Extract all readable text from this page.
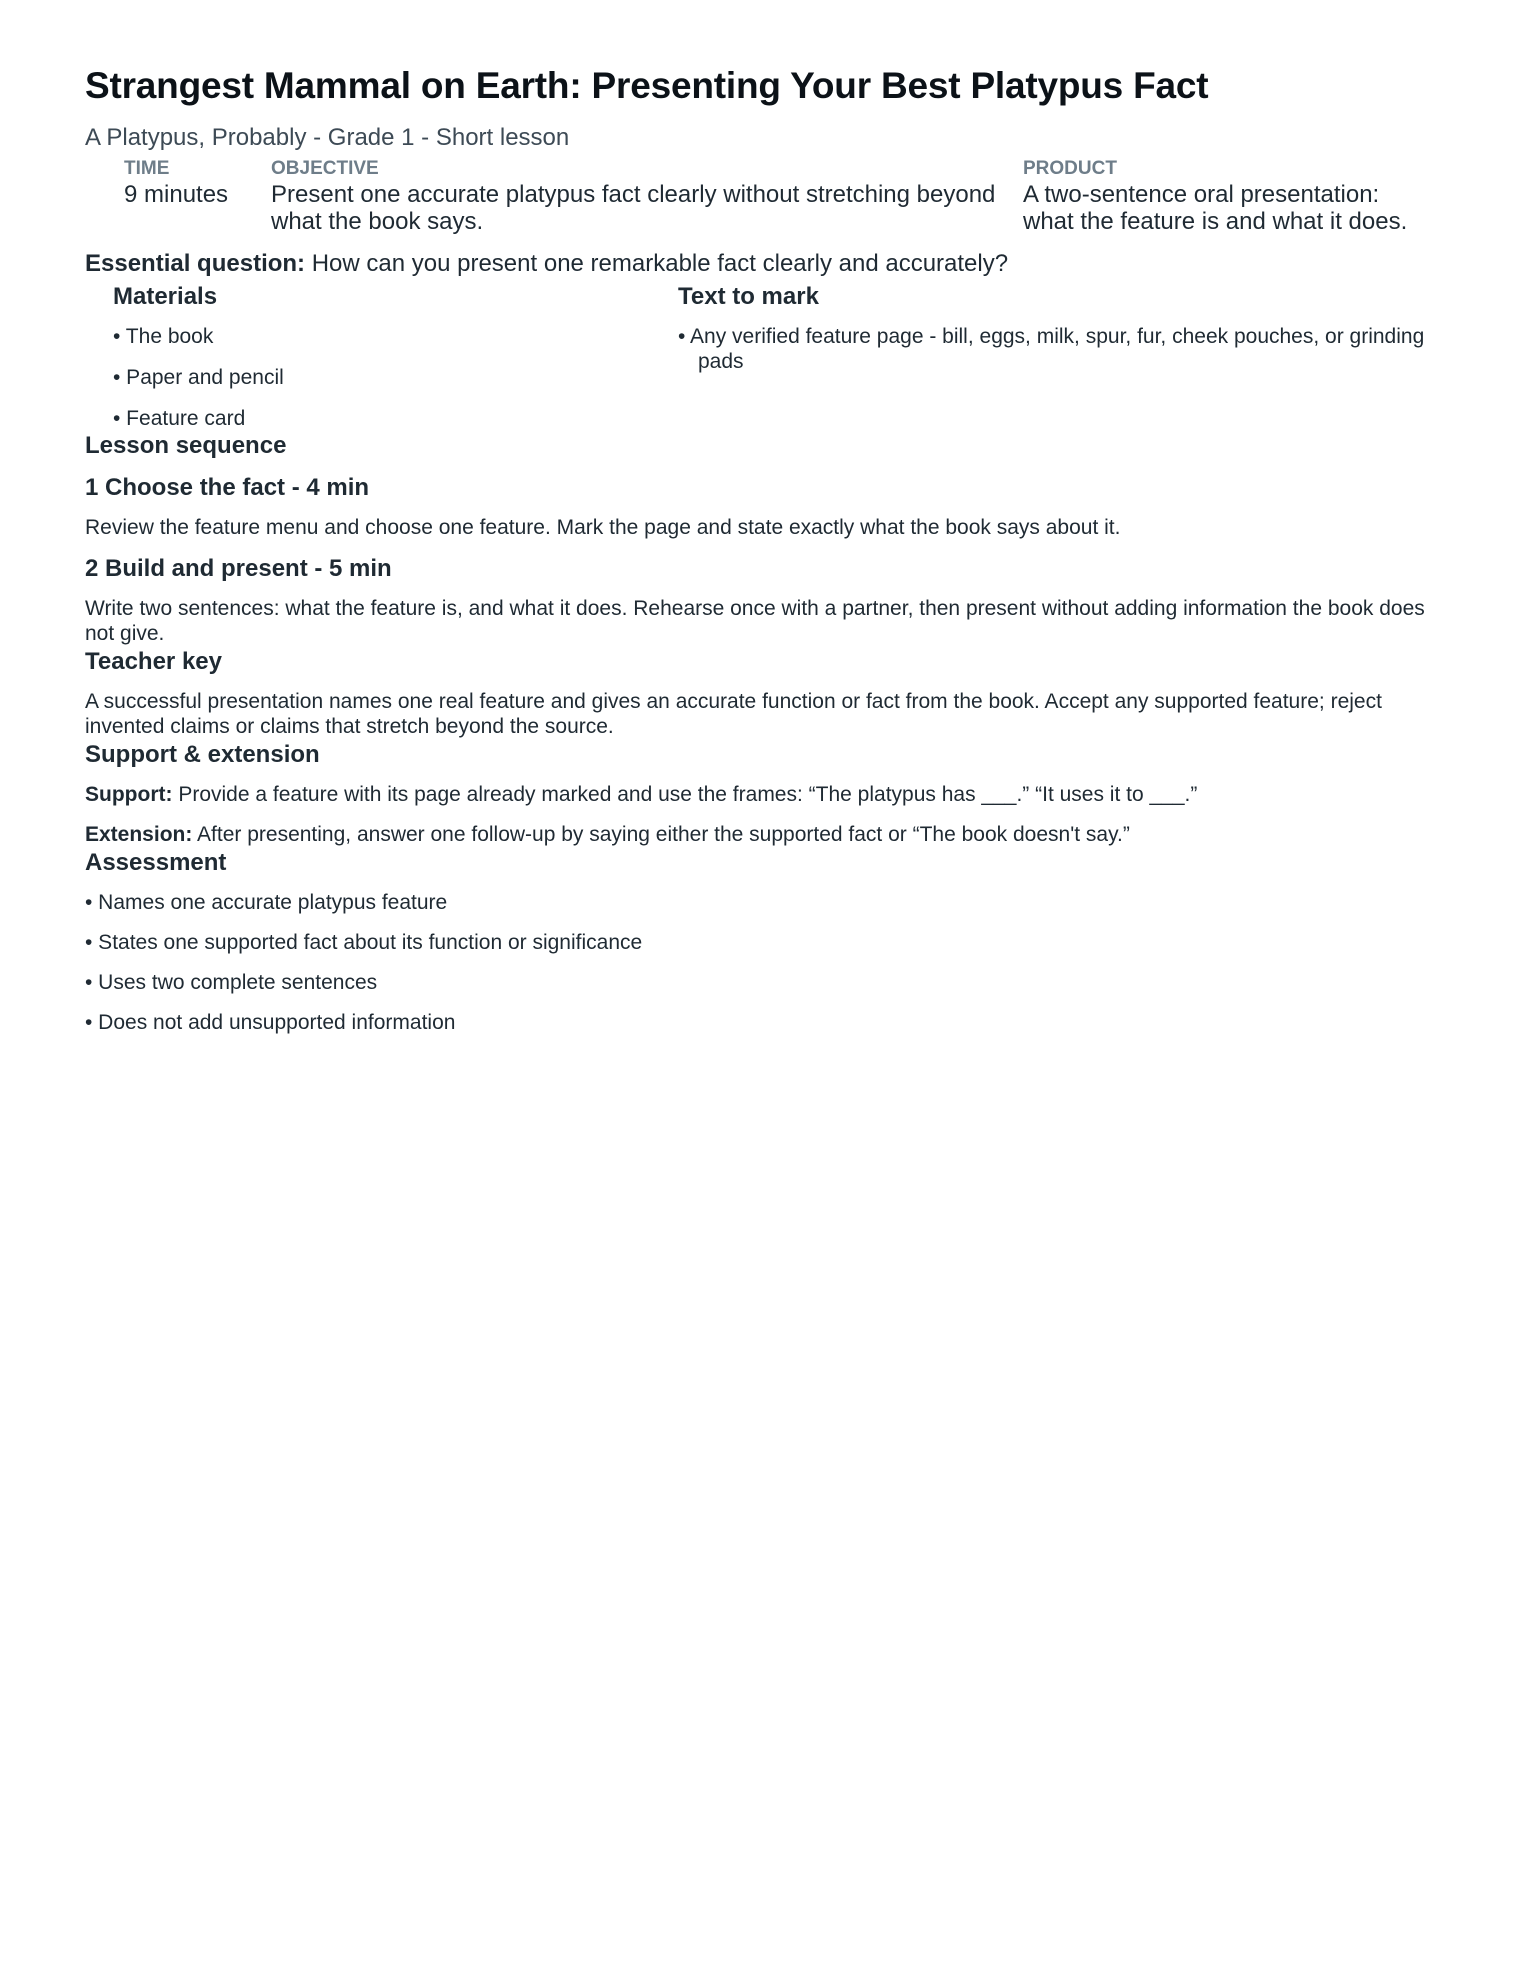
Strangest Mammal on Earth: Presenting Your Best Platypus Fact
A Platypus, Probably - Grade 1 - Short lesson
TIME
9 minutes
OBJECTIVE
Present one accurate platypus fact clearly without stretching beyond what the book says.
PRODUCT
A two-sentence oral presentation: what the feature is and what it does.
Essential question: How can you present one remarkable fact clearly and accurately?
Materials
• The book
• Paper and pencil
• Feature card
Text to mark
• Any verified feature page - bill, eggs, milk, spur, fur, cheek pouches, or grinding pads
Lesson sequence
1 Choose the fact - 4 min

Review the feature menu and choose one feature. Mark the page and state exactly what the book says about it.

2 Build and present - 5 min

Write two sentences: what the feature is, and what it does. Rehearse once with a partner, then present without adding information the book does not give.

Teacher key

A successful presentation names one real feature and gives an accurate function or fact from the book. Accept any supported feature; reject invented claims or claims that stretch beyond the source.

Support & extension

Support: Provide a feature with its page already marked and use the frames: “The platypus has ___.” “It uses it to ___.”

Extension: After presenting, answer one follow-up by saying either the supported fact or “The book doesn't say.”

Assessment
• Names one accurate platypus feature
• States one supported fact about its function or significance
• Uses two complete sentences
• Does not add unsupported information
